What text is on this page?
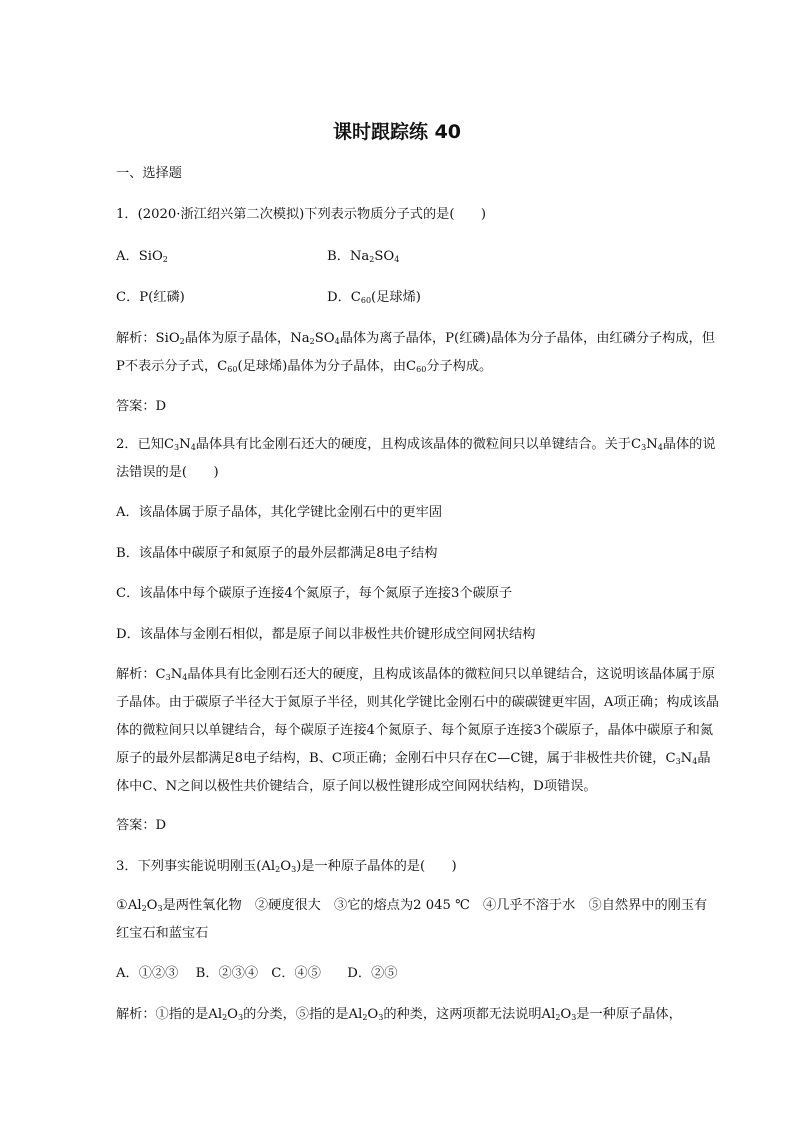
课时跟踪练 40
一、选择题
1．(2020·浙江绍兴第二次模拟)下列表示物质分子式的是(　　)
A．SiO$_2$	B．$Na_2SO_4$
C．P(红磷)	D．$C_{60}$(足球烯)
解析：SiO$_2$晶体为原子晶体，$Na_2SO_4$晶体为离子晶体，P(红磷)晶体为分子晶体，由红磷分子构成，但P不表示分子式，$C_{60}$(足球烯)晶体为分子晶体，由$C_{60}$分子构成。
答案：D
2．已知$C_3N_4$晶体具有比金刚石还大的硬度，且构成该晶体的微粒间只以单键结合。关于$C_3N_4$晶体的说法错误的是(　　)
A．该晶体属于原子晶体，其化学键比金刚石中的更牢固
B．该晶体中碳原子和氮原子的最外层都满足8电子结构
C．该晶体中每个碳原子连接4个氮原子，每个氮原子连接3个碳原子
D．该晶体与金刚石相似，都是原子间以非极性共价键形成空间网状结构
解析：$C_3N_4$晶体具有比金刚石还大的硬度，且构成该晶体的微粒间只以单键结合，这说明该晶体属于原子晶体。由于碳原子半径大于氮原子半径，则其化学键比金刚石中的碳碳键更牢固，A项正确；构成该晶体的微粒间只以单键结合，每个碳原子连接4个氮原子、每个氮原子连接3个碳原子，晶体中碳原子和氮原子的最外层都满足8电子结构，B、C项正确；金刚石中只存在C—C键，属于非极性共价键，$C_3N_4$晶体中C、N之间以极性共价键结合，原子间以极性键形成空间网状结构，D项错误。
答案：D
3．下列事实能说明刚玉$(Al_2O_3)$是一种原子晶体的是(　　)
$①Al_2O_3$是两性氧化物　②硬度很大　③它的熔点为2 045 ℃　④几乎不溶于水　⑤自然界中的刚玉有红宝石和蓝宝石
A．①②③　 B．②③④　C．④⑤　　D．②⑤
解析：①指的是$Al_2O_3$的分类，⑤指的是$Al_2O_3$的种类，这两项都无法说明$Al_2O_3$是一种原子晶体，
